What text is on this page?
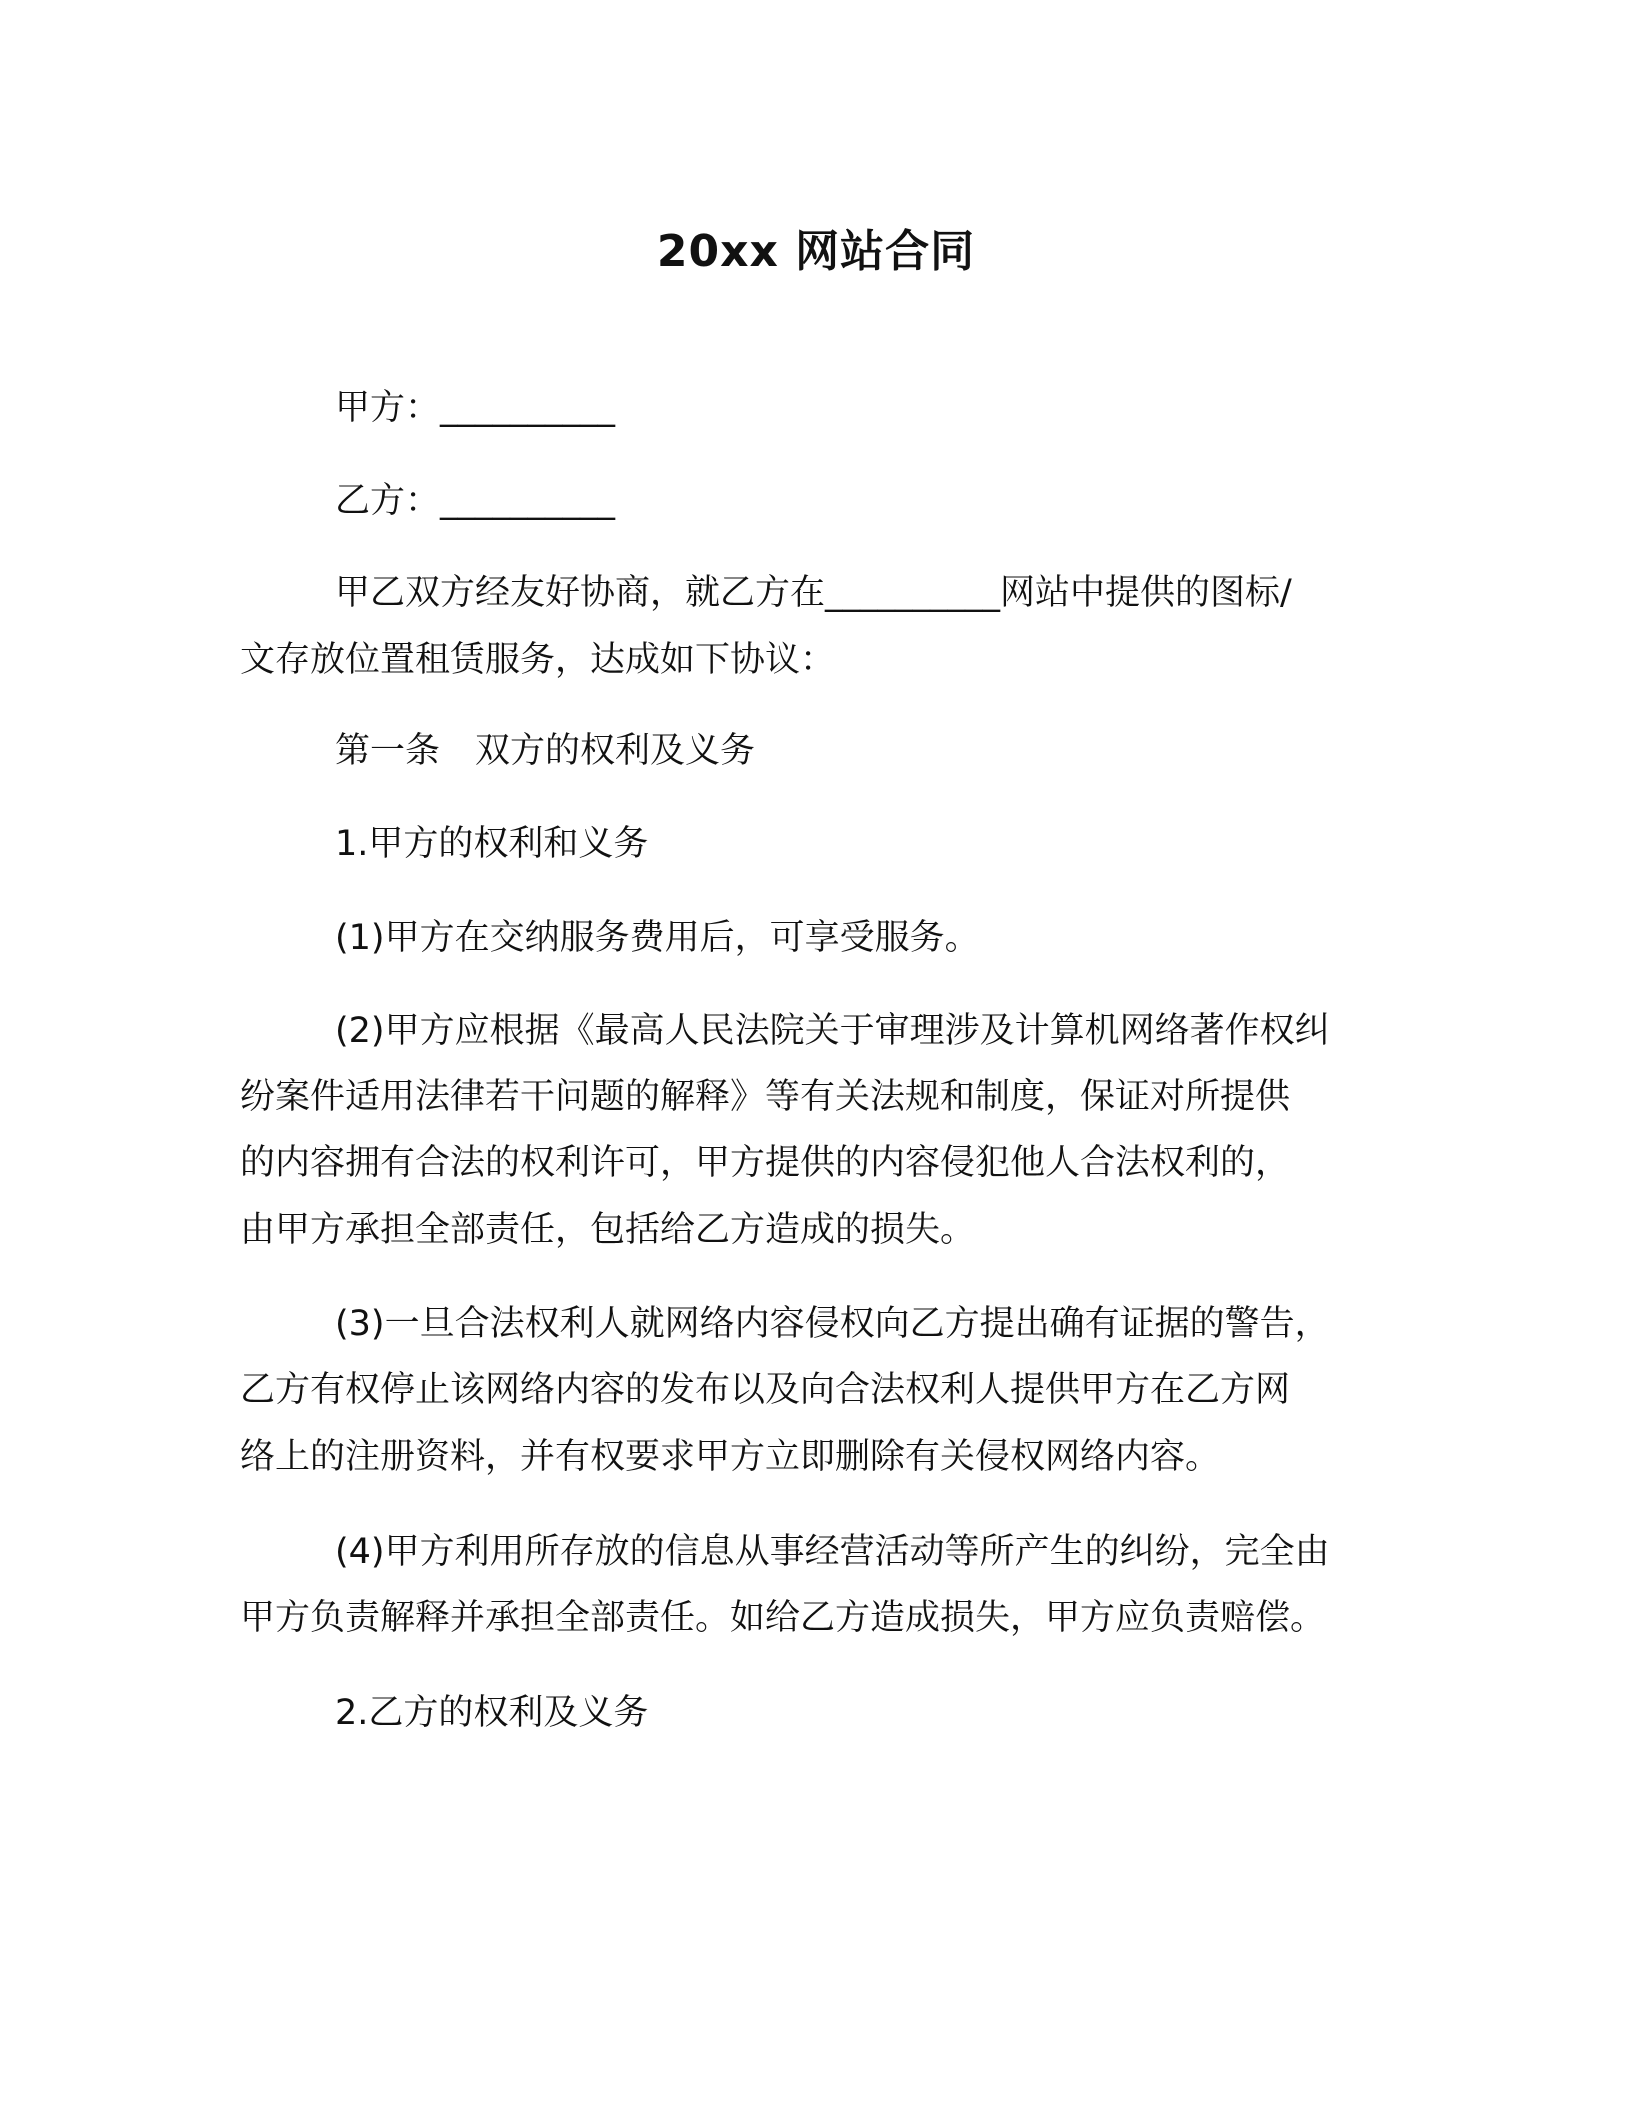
20xx 网站合同
甲方：__________
乙方：__________
甲乙双方经友好协商，就乙方在__________网站中提供的图标/
文存放位置租赁服务，达成如下协议：
第一条　双方的权利及义务
1.甲方的权利和义务
(1)甲方在交纳服务费用后，可享受服务。
(2)甲方应根据《最高人民法院关于审理涉及计算机网络著作权纠
纷案件适用法律若干问题的解释》等有关法规和制度，保证对所提供
的内容拥有合法的权利许可，甲方提供的内容侵犯他人合法权利的，
由甲方承担全部责任，包括给乙方造成的损失。
(3)一旦合法权利人就网络内容侵权向乙方提出确有证据的警告，
乙方有权停止该网络内容的发布以及向合法权利人提供甲方在乙方网
络上的注册资料，并有权要求甲方立即删除有关侵权网络内容。
(4)甲方利用所存放的信息从事经营活动等所产生的纠纷，完全由
甲方负责解释并承担全部责任。如给乙方造成损失，甲方应负责赔偿。
2.乙方的权利及义务
